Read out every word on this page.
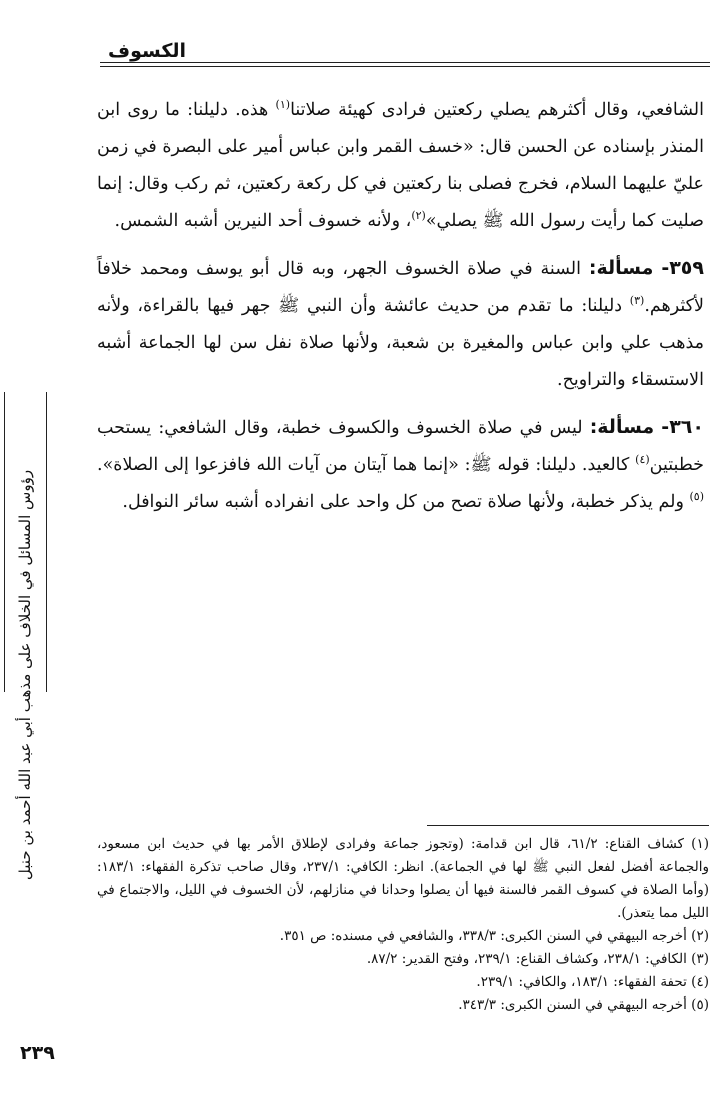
الكسوف
رؤوس المسائل في الخلاف على مذهب أبي عبد الله أحمد بن حنبل

الشافعي، وقال أكثرهم يصلي ركعتين فرادى كهيئة صلاتنا$^{(١)}$ هذه. دليلنا: ما روى ابن المنذر بإسناده عن الحسن قال: «خسف القمر وابن عباس أمير على البصرة في زمن عليّ عليهما السلام، فخرج فصلى بنا ركعتين في كل ركعة ركعتين، ثم ركب وقال: إنما صليت كما رأيت رسول الله ﷺ يصلي»$^{(٢)}$، ولأنه خسوف أحد النيرين أشبه الشمس.

٣٥٩- مسألة: السنة في صلاة الخسوف الجهر، وبه قال أبو يوسف ومحمد خلافاً لأكثرهم.$^{(٣)}$ دليلنا: ما تقدم من حديث عائشة وأن النبي ﷺ جهر فيها بالقراءة، ولأنه مذهب علي وابن عباس والمغيرة بن شعبة، ولأنها صلاة نفل سن لها الجماعة أشبه الاستسقاء والتراويح.

٣٦٠- مسألة: ليس في صلاة الخسوف والكسوف خطبة، وقال الشافعي: يستحب خطبتين$^{(٤)}$ كالعيد. دليلنا: قوله ﷺ: «إنما هما آيتان من آيات الله فافزعوا إلى الصلاة».$^{(٥)}$ ولم يذكر خطبة، ولأنها صلاة تصح من كل واحد على انفراده أشبه سائر النوافل.

(١) كشاف القناع: ٦١/٢، قال ابن قدامة: (وتجوز جماعة وفرادى لإطلاق الأمر بها في حديث ابن مسعود، والجماعة أفضل لفعل النبي ﷺ لها في الجماعة). انظر: الكافي: ٢٣٧/١، وقال صاحب تذكرة الفقهاء: ١٨٣/١: (وأما الصلاة في كسوف القمر فالسنة فيها أن يصلوا وحدانا في منازلهم، لأن الخسوف في الليل، والاجتماع في الليل مما يتعذر).

(٢) أخرجه البيهقي في السنن الكبرى: ٣٣٨/٣، والشافعي في مسنده: ص ٣٥١.

(٣) الكافي: ٢٣٨/١، وكشاف القناع: ٢٣٩/١، وفتح القدير: ٨٧/٢.

(٤) تحفة الفقهاء: ١٨٣/١، والكافي: ٢٣٩/١.

(٥) أخرجه البيهقي في السنن الكبرى: ٣٤٣/٣.

٢٣٩
